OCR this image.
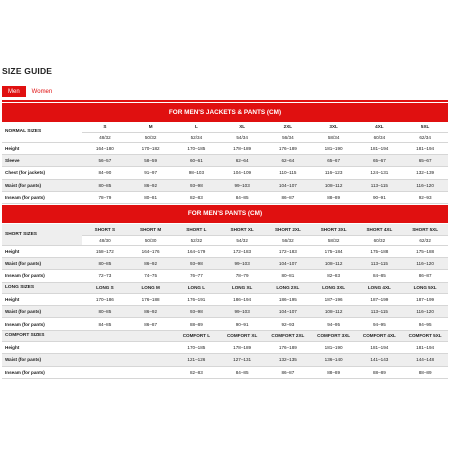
SIZE GUIDE
Men	Women
FOR MEN'S JACKETS & PANTS (CM)
NORMAL SIZES	S	M	L	XL	2XL	3XL	4XL	5XL
	48/32	50/32	52/34	54/34	56/34	58/34	60/34	62/34
Height	164–180	170–182	170–185	178–189	176–189	181–190	181–194	181–194
Sleeve	56–57	58–59	60–61	62–64	62–64	65–67	65–67	65–67
Chest (for jackets)	84–90	91–97	98–103	104–109	110–115	116–123	124–131	132–139
Waist (for pants)	80–85	86–92	93–98	99–103	104–107	108–112	113–115	116–120
Inseam (for pants)	78–79	80–81	82–83	84–85	86–87	88–89	90–91	92–93
FOR MEN'S PANTS (CM)
SHORT SIZES	SHORT S	SHORT M	SHORT L	SHORT XL	SHORT 2XL	SHORT 3XL	SHORT 4XL	SHORT 5XL
	48/30	50/30	52/32	54/32	56/32	58/32	60/32	62/32
Height	158–172	164–176	164–179	172–183	172–183	175–184	175–188	175–188
Waist (for pants)	80–85	86–92	93–98	99–103	104–107	108–112	113–115	116–120
Inseam (for pants)	72–73	74–75	76–77	78–79	80–81	82–83	84–85	86–87
LONG SIZES	LONG S	LONG M	LONG L	LONG XL	LONG 2XL	LONG 3XL	LONG 4XL	LONG 5XL
Height	170–186	176–188	176–191	186–194	186–195	187–196	187–199	187–199
Waist (for pants)	80–85	86–92	93–98	99–103	104–107	108–112	113–115	116–120
Inseam (for pants)	84–85	86–87	88–89	90–91	92–93	94–95	94–95	94–95
COMFORT SIZES			COMFORT L	COMFORT XL	COMFORT 2XL	COMFORT 3XL	COMFORT 4XL	COMFORT 5XL
Height			170–185	178–189	176–189	181–190	181–194	181–194
Waist (for pants)			121–126	127–131	132–135	136–140	141–143	144–148
Inseam (for pants)			82–83	84–85	86–87	88–89	88–89	88–89
